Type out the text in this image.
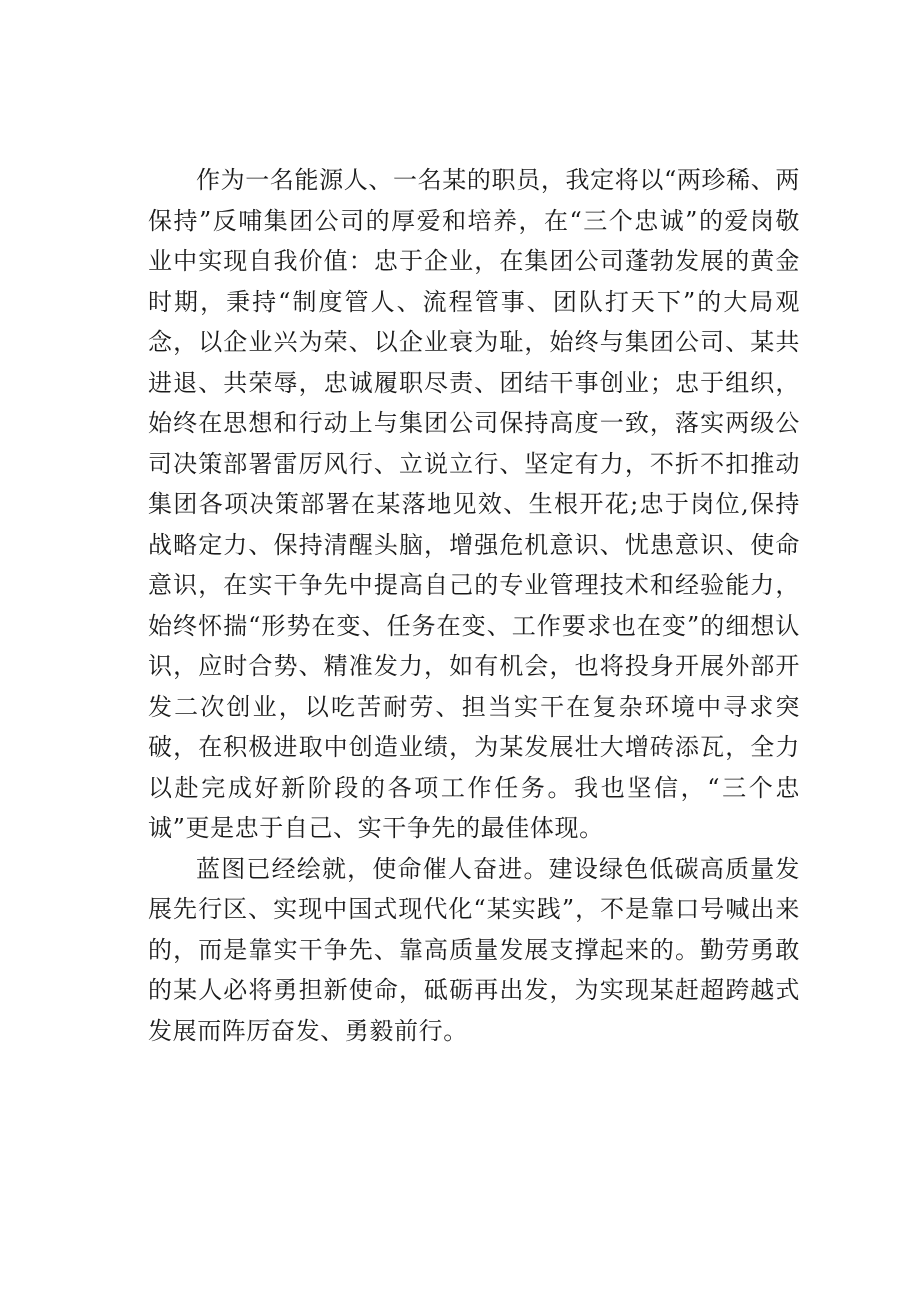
作为一名能源人、一名某的职员，我定将以“两珍稀、两保持”反哺集团公司的厚爱和培养，在“三个忠诚”的爱岗敬业中实现自我价值：忠于企业，在集团公司蓬勃发展的黄金时期，秉持“制度管人、流程管事、团队打天下”的大局观念，以企业兴为荣、以企业衰为耻，始终与集团公司、某共进退、共荣辱，忠诚履职尽责、团结干事创业；忠于组织，始终在思想和行动上与集团公司保持高度一致，落实两级公司决策部署雷厉风行、立说立行、坚定有力，不折不扣推动集团各项决策部署在某落地见效、生根开花;忠于岗位,保持战略定力、保持清醒头脑，增强危机意识、忧患意识、使命意识，在实干争先中提高自己的专业管理技术和经验能力，始终怀揣“形势在变、任务在变、工作要求也在变”的细想认识，应时合势、精准发力，如有机会，也将投身开展外部开发二次创业，以吃苦耐劳、担当实干在复杂环境中寻求突破，在积极进取中创造业绩，为某发展壮大增砖添瓦，全力以赴完成好新阶段的各项工作任务。我也坚信，“三个忠诚”更是忠于自己、实干争先的最佳体现。

蓝图已经绘就，使命催人奋进。建设绿色低碳高质量发展先行区、实现中国式现代化“某实践”，不是靠口号喊出来的，而是靠实干争先、靠高质量发展支撑起来的。勤劳勇敢的某人必将勇担新使命，砥砺再出发，为实现某赶超跨越式发展而阵厉奋发、勇毅前行。
